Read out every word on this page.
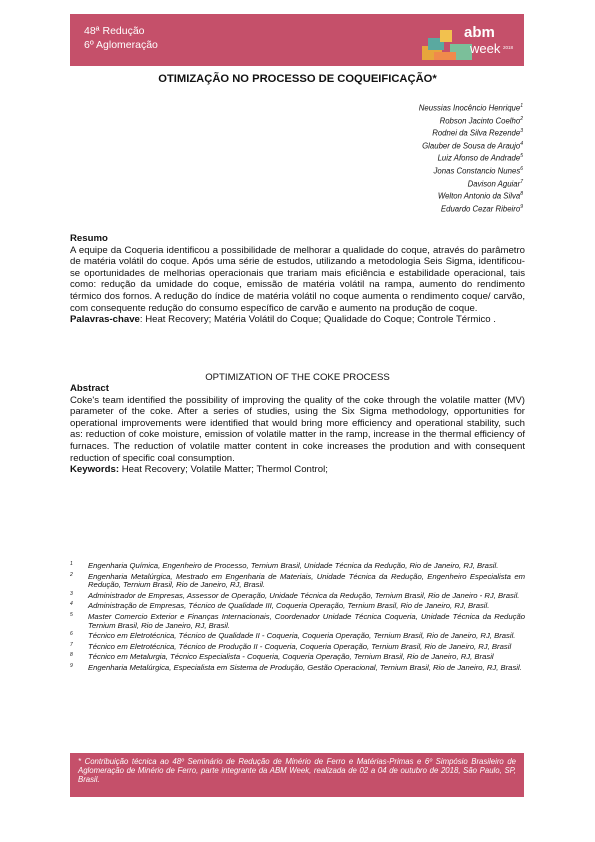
48ª Redução
6º Aglomeração
abm
week 2018
OTIMIZAÇÃO NO PROCESSO DE COQUEIFICAÇÃO*
Neussias Inocêncio Henrique$^1$
Robson Jacinto Coelho$^2$
Rodnei da Silva Rezende$^3$
Glauber de Sousa de Araujo$^4$
Luiz Afonso de Andrade$^5$
Jonas Constancio Nunes$^6$
Davison Aguiar$^7$
Welton Antonio da Silva$^8$
Eduardo Cezar Ribeiro$^9$
Resumo
A equipe da Coqueria identificou a possibilidade de melhorar a qualidade do coque, através do parâmetro de matéria volátil do coque. Após uma série de estudos, utilizando a metodologia Seis Sigma, identificou-se oportunidades de melhorias operacionais que trariam mais eficiência e estabilidade operacional, tais como: redução da umidade do coque, emissão de matéria volátil na rampa, aumento do rendimento térmico dos fornos. A redução do índice de matéria volátil no coque aumenta o rendimento coque/ carvão, com consequente redução do consumo específico de carvão e aumento na produção de coque.

Palavras-chave: Heat Recovery; Matéria Volátil do Coque; Qualidade do Coque; Controle Térmico .

OPTIMIZATION OF THE COKE PROCESS
Abstract
Coke's team identified the possibility of improving the quality of the coke through the volatile matter (MV) parameter of the coke. After a series of studies, using the Six Sigma methodology, opportunities for operational improvements were identified that would bring more efficiency and operational stability, such as: reduction of coke moisture, emission of volatile matter in the ramp, increase in the thermal efficiency of furnaces. The reduction of volatile matter content in coke increases the prodution and with consequent reduction of specific coal consumption.

Keywords: Heat Recovery; Volatile Matter; Thermol Control;

1 Engenharia Química, Engenheiro de Processo, Ternium Brasil, Unidade Técnica da Redução, Rio de Janeiro, RJ, Brasil.
2 Engenharia Metalúrgica, Mestrado em Engenharia de Materiais, Unidade Técnica da Redução, Engenheiro Especialista em Redução, Ternium Brasil, Rio de Janeiro, RJ, Brasil.
3 Administrador de Empresas, Assessor de Operação, Unidade Técnica da Redução, Ternium Brasil, Rio de Janeiro - RJ, Brasil.
4 Administração de Empresas, Técnico de Qualidade III, Coqueria Operação, Ternium Brasil, Rio de Janeiro, RJ, Brasil.
5 Master Comercio Exterior e Finanças Internacionais, Coordenador Unidade Técnica Coqueria, Unidade Técnica da Redução Ternium Brasil, Rio de Janeiro, RJ, Brasil.
6 Técnico em Eletrotécnica, Técnico de Qualidade II - Coqueria, Coqueria Operação, Ternium Brasil, Rio de Janeiro, RJ, Brasil.
7 Técnico em Eletrotécnica, Técnico de Produção II - Coqueria, Coqueria Operação, Ternium Brasil, Rio de Janeiro, RJ, Brasil
8 Técnico em Metalurgia, Técnico Especialista - Coqueria, Coqueria Operação, Ternium Brasil, Rio de Janeiro, RJ, Brasil
9 Engenharia Metalúrgica, Especialista em Sistema de Produção, Gestão Operacional, Ternium Brasil, Rio de Janeiro, RJ, Brasil.
* Contribuição técnica ao 48º Seminário de Redução de Minério de Ferro e Matérias-Primas e 6º Simpósio Brasileiro de Aglomeração de Minério de Ferro, parte integrante da ABM Week, realizada de 02 a 04 de outubro de 2018, São Paulo, SP, Brasil.
